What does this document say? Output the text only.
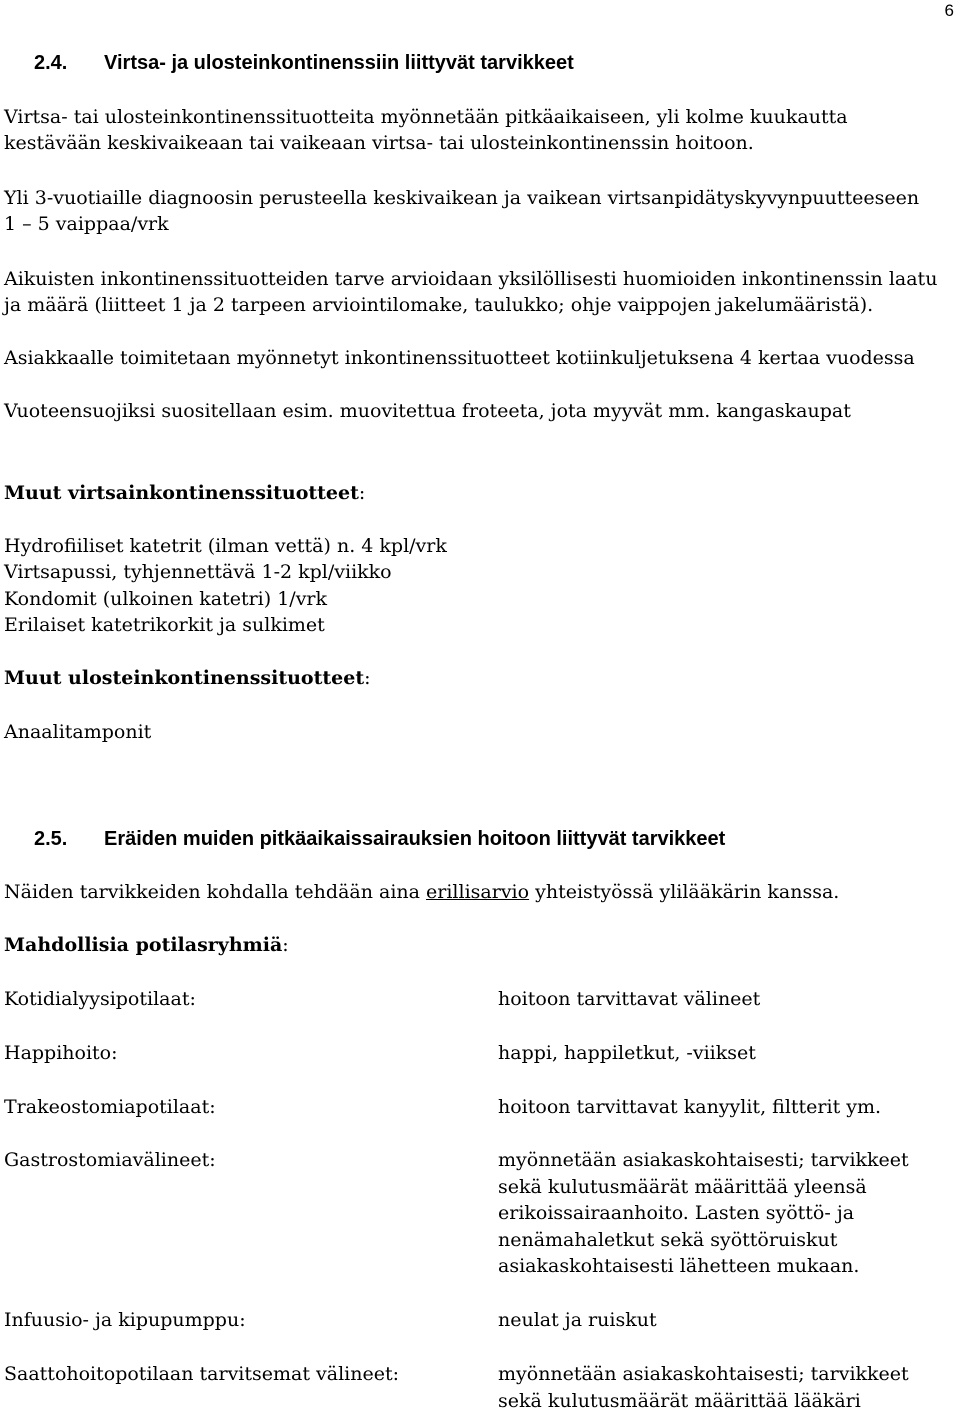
6
2.4. Virtsa- ja ulosteinkontinenssiin liittyvät tarvikkeet
Virtsa- tai ulosteinkontinenssituotteita myönnetään pitkäaikaiseen, yli kolme kuukautta
kestävään keskivaikeaan tai vaikeaan virtsa- tai ulosteinkontinenssin hoitoon.
Yli 3-vuotiaille diagnoosin perusteella keskivaikean ja vaikean virtsanpidätyskyvynpuutteeseen
1 – 5 vaippaa/vrk
Aikuisten inkontinenssituotteiden tarve arvioidaan yksilöllisesti huomioiden inkontinenssin laatu
ja määrä (liitteet 1 ja 2 tarpeen arviointilomake, taulukko; ohje vaippojen jakelumääristä).
Asiakkaalle toimitetaan myönnetyt inkontinenssituotteet kotiinkuljetuksena 4 kertaa vuodessa
Vuoteensuojiksi suositellaan esim. muovitettua froteeta, jota myyvät mm. kangaskaupat
Muut virtsainkontinenssituotteet:
Hydrofiiliset katetrit (ilman vettä) n. 4 kpl/vrk
Virtsapussi, tyhjennettävä 1-2 kpl/viikko
Kondomit (ulkoinen katetri) 1/vrk
Erilaiset katetrikorkit ja sulkimet
Muut ulosteinkontinenssituotteet:
Anaalitamponit
2.5. Eräiden muiden pitkäaikaissairauksien hoitoon liittyvät tarvikkeet
Näiden tarvikkeiden kohdalla tehdään aina erillisarvio yhteistyössä ylilääkärin kanssa.
Mahdollisia potilasryhmiä:
Kotidialyysipotilaat:	hoitoon tarvittavat välineet
Happihoito:	happi, happiletkut, -viikset
Trakeostomiapotilaat:	hoitoon tarvittavat kanyylit, filtterit ym.
Gastrostomiavälineet:	myönnetään asiakaskohtaisesti; tarvikkeet sekä kulutusmäärät määrittää yleensä erikoissairaanhoito. Lasten syöttö- ja nenämahaletkut sekä syöttöruiskut asiakaskohtaisesti lähetteen mukaan.
Infuusio- ja kipupumppu:	neulat ja ruiskut
Saattohoitopotilaan tarvitsemat välineet:	myönnetään asiakaskohtaisesti; tarvikkeet sekä kulutusmäärät määrittää lääkäri
